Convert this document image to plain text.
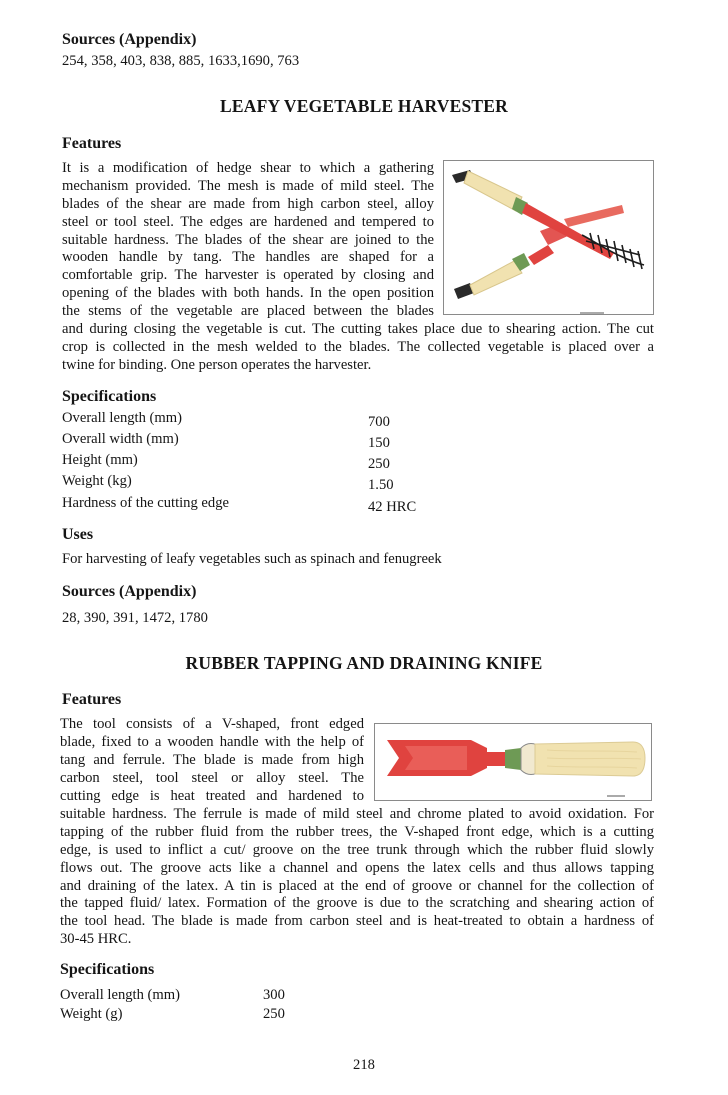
Sources (Appendix)
254, 358, 403, 838, 885, 1633,1690, 763
LEAFY VEGETABLE HARVESTER
Features
It is a modification of hedge shear to which a gathering
mechanism provided. The mesh is made of mild steel. The
blades of the shear are made from high carbon steel, alloy
steel or tool steel. The edges are hardened and tempered to
suitable hardness. The blades of the shear are joined to the
wooden handle by tang. The handles are shaped for a
comfortable grip. The harvester is operated by closing and
opening of the blades with both hands. In the open position
the stems of the vegetable are placed between the blades
and during closing the vegetable is cut. The cutting takes place due to shearing action. The cut
crop is collected in the mesh welded to the blades. The collected vegetable is placed over a
twine for binding. One person operates the harvester.
Specifications
Overall length (mm)	700
Overall width (mm)	150
Height (mm)	250
Weight (kg)	1.50
Hardness of the cutting edge	42 HRC
Uses
For harvesting of leafy vegetables such as spinach and fenugreek
Sources (Appendix)
28, 390, 391, 1472, 1780
RUBBER TAPPING AND DRAINING KNIFE
Features
The tool consists of a V-shaped, front edged
blade, fixed to a wooden handle with the help of
tang and ferrule. The blade is made from high
carbon steel, tool steel or alloy steel. The
cutting edge is heat treated and hardened to
suitable hardness. The ferrule is made of mild steel and chrome plated to avoid oxidation. For
tapping of the rubber fluid from the rubber trees, the V-shaped front edge, which is a cutting
edge, is used to inflict a cut/ groove on the tree trunk through which the rubber fluid slowly
flows out. The groove acts like a channel and opens the latex cells and thus allows tapping
and draining of the latex. A tin is placed at the end of groove or channel for the collection of
the tapped fluid/ latex. Formation of the groove is due to the scratching and shearing action of
the tool head. The blade is made from carbon steel and is heat-treated to obtain a hardness of
30-45 HRC.
Specifications
Overall length (mm)	300
Weight (g)	250
218
